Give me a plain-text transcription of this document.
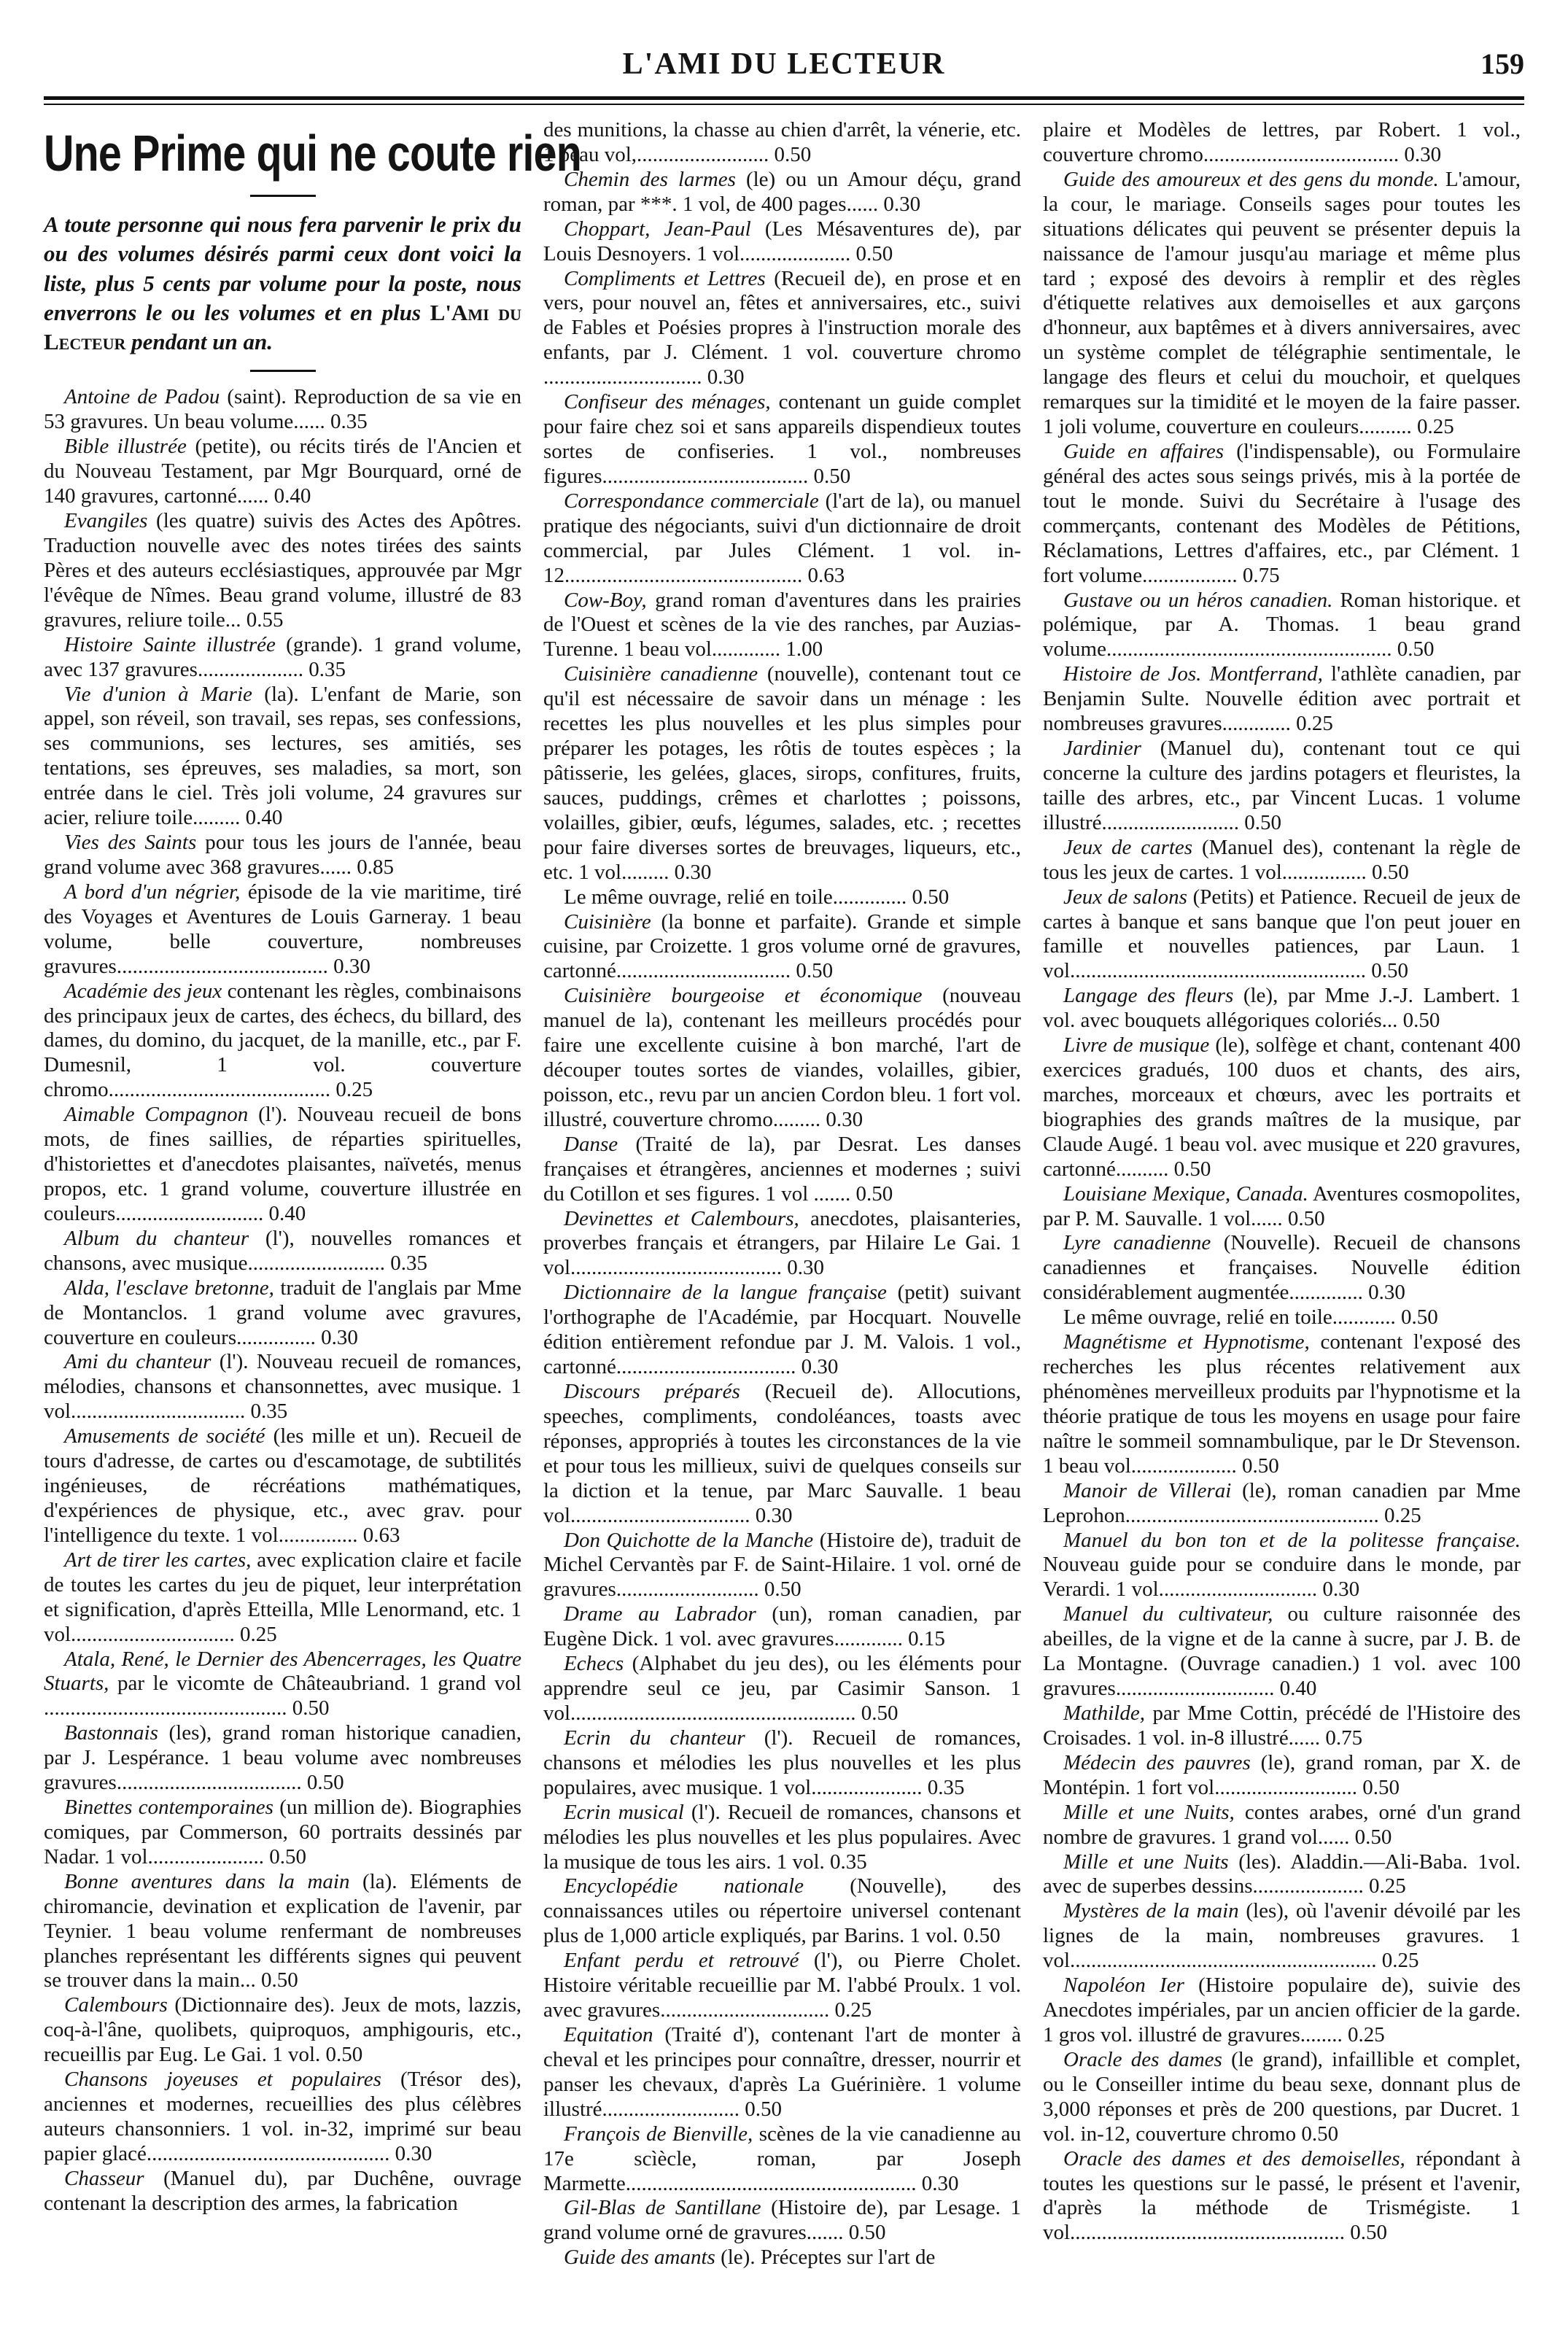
L'AMI DU LECTEUR	159
Une Prime qui ne coute rien

A toute personne qui nous fera parvenir le prix du ou des volumes désirés parmi ceux dont voici la liste, plus 5 cents par volume pour la poste, nous enverrons le ou les volumes et en plus L'Ami du Lecteur pendant un an.

Antoine de Padou (saint). Reproduction de sa vie en 53 gravures. Un beau volume...... 0.35

Bible illustrée (petite), ou récits tirés de l'Ancien et du Nouveau Testament, par Mgr Bourquard, orné de 140 gravures, cartonné...... 0.40

Evangiles (les quatre) suivis des Actes des Apôtres. Traduction nouvelle avec des notes tirées des saints Pères et des auteurs ecclésiastiques, approuvée par Mgr l'évêque de Nîmes. Beau grand volume, illustré de 83 gravures, reliure toile... 0.55

Histoire Sainte illustrée (grande). 1 grand volume, avec 137 gravures.................... 0.35

Vie d'union à Marie (la). L'enfant de Marie, son appel, son réveil, son travail, ses repas, ses confessions, ses communions, ses lectures, ses amitiés, ses tentations, ses épreuves, ses maladies, sa mort, son entrée dans le ciel. Très joli volume, 24 gravures sur acier, reliure toile......... 0.40

Vies des Saints pour tous les jours de l'année, beau grand volume avec 368 gravures...... 0.85

A bord d'un négrier, épisode de la vie maritime, tiré des Voyages et Aventures de Louis Garneray. 1 beau volume, belle couverture, nombreuses gravures........................................ 0.30

Académie des jeux contenant les règles, combinaisons des principaux jeux de cartes, des échecs, du billard, des dames, du domino, du jacquet, de la manille, etc., par F. Dumesnil, 1 vol. couverture chromo.......................................... 0.25

Aimable Compagnon (l'). Nouveau recueil de bons mots, de fines saillies, de réparties spirituelles, d'historiettes et d'anecdotes plaisantes, naïvetés, menus propos, etc. 1 grand volume, couverture illustrée en couleurs............................ 0.40

Album du chanteur (l'), nouvelles romances et chansons, avec musique.......................... 0.35

Alda, l'esclave bretonne, traduit de l'anglais par Mme de Montanclos. 1 grand volume avec gravures, couverture en couleurs............... 0.30

Ami du chanteur (l'). Nouveau recueil de romances, mélodies, chansons et chansonnettes, avec musique. 1 vol................................. 0.35

Amusements de société (les mille et un). Recueil de tours d'adresse, de cartes ou d'escamotage, de subtilités ingénieuses, de récréations mathématiques, d'expériences de physique, etc., avec grav. pour l'intelligence du texte. 1 vol............... 0.63

Art de tirer les cartes, avec explication claire et facile de toutes les cartes du jeu de piquet, leur interprétation et signification, d'après Etteilla, Mlle Lenormand, etc. 1 vol............................... 0.25

Atala, René, le Dernier des Abencerrages, les Quatre Stuarts, par le vicomte de Châteaubriand. 1 grand vol .............................................. 0.50

Bastonnais (les), grand roman historique canadien, par J. Lespérance. 1 beau volume avec nombreuses gravures................................... 0.50

Binettes contemporaines (un million de). Biographies comiques, par Commerson, 60 portraits dessinés par Nadar. 1 vol...................... 0.50

Bonne aventures dans la main (la). Eléments de chiromancie, devination et explication de l'avenir, par Teynier. 1 beau volume renfermant de nombreuses planches représentant les différents signes qui peuvent se trouver dans la main... 0.50

Calembours (Dictionnaire des). Jeux de mots, lazzis, coq-à-l'âne, quolibets, quiproquos, amphigouris, etc., recueillis par Eug. Le Gai. 1 vol. 0.50

Chansons joyeuses et populaires (Trésor des), anciennes et modernes, recueillies des plus célèbres auteurs chansonniers. 1 vol. in-32, imprimé sur beau papier glacé.............................................. 0.30

Chasseur (Manuel du), par Duchêne, ouvrage contenant la description des armes, la fabrication

des munitions, la chasse au chien d'arrêt, la vénerie, etc. 1 beau vol,......................... 0.50

Chemin des larmes (le) ou un Amour déçu, grand roman, par ***. 1 vol, de 400 pages...... 0.30

Choppart, Jean-Paul (Les Mésaventures de), par Louis Desnoyers. 1 vol..................... 0.50

Compliments et Lettres (Recueil de), en prose et en vers, pour nouvel an, fêtes et anniversaires, etc., suivi de Fables et Poésies propres à l'instruction morale des enfants, par J. Clément. 1 vol. couverture chromo .............................. 0.30

Confiseur des ménages, contenant un guide complet pour faire chez soi et sans appareils dispendieux toutes sortes de confiseries. 1 vol., nombreuses figures....................................... 0.50

Correspondance commerciale (l'art de la), ou manuel pratique des négociants, suivi d'un dictionnaire de droit commercial, par Jules Clément. 1 vol. in-12............................................. 0.63

Cow-Boy, grand roman d'aventures dans les prairies de l'Ouest et scènes de la vie des ranches, par Auzias-Turenne. 1 beau vol............. 1.00

Cuisinière canadienne (nouvelle), contenant tout ce qu'il est nécessaire de savoir dans un ménage : les recettes les plus nouvelles et les plus simples pour préparer les potages, les rôtis de toutes espèces ; la pâtisserie, les gelées, glaces, sirops, confitures, fruits, sauces, puddings, crêmes et charlottes ; poissons, volailles, gibier, œufs, légumes, salades, etc. ; recettes pour faire diverses sortes de breuvages, liqueurs, etc., etc. 1 vol......... 0.30

Le même ouvrage, relié en toile.............. 0.50

Cuisinière (la bonne et parfaite). Grande et simple cuisine, par Croizette. 1 gros volume orné de gravures, cartonné................................. 0.50

Cuisinière bourgeoise et économique (nouveau manuel de la), contenant les meilleurs procédés pour faire une excellente cuisine à bon marché, l'art de découper toutes sortes de viandes, volailles, gibier, poisson, etc., revu par un ancien Cordon bleu. 1 fort vol. illustré, couverture chromo......... 0.30

Danse (Traité de la), par Desrat. Les danses françaises et étrangères, anciennes et modernes ; suivi du Cotillon et ses figures. 1 vol ....... 0.50

Devinettes et Calembours, anecdotes, plaisanteries, proverbes français et étrangers, par Hilaire Le Gai. 1 vol........................................ 0.30

Dictionnaire de la langue française (petit) suivant l'orthographe de l'Académie, par Hocquart. Nouvelle édition entièrement refondue par J. M. Valois. 1 vol., cartonné.................................. 0.30

Discours préparés (Recueil de). Allocutions, speeches, compliments, condoléances, toasts avec réponses, appropriés à toutes les circonstances de la vie et pour tous les millieux, suivi de quelques conseils sur la diction et la tenue, par Marc Sauvalle. 1 beau vol.................................. 0.30

Don Quichotte de la Manche (Histoire de), traduit de Michel Cervantès par F. de Saint-Hilaire. 1 vol. orné de gravures........................... 0.50

Drame au Labrador (un), roman canadien, par Eugène Dick. 1 vol. avec gravures............. 0.15

Echecs (Alphabet du jeu des), ou les éléments pour apprendre seul ce jeu, par Casimir Sanson. 1 vol...................................................... 0.50

Ecrin du chanteur (l'). Recueil de romances, chansons et mélodies les plus nouvelles et les plus populaires, avec musique. 1 vol..................... 0.35

Ecrin musical (l'). Recueil de romances, chansons et mélodies les plus nouvelles et les plus populaires. Avec la musique de tous les airs. 1 vol. 0.35

Encyclopédie nationale (Nouvelle), des connaissances utiles ou répertoire universel contenant plus de 1,000 article expliqués, par Barins. 1 vol. 0.50

Enfant perdu et retrouvé (l'), ou Pierre Cholet. Histoire véritable recueillie par M. l'abbé Proulx. 1 vol. avec gravures................................ 0.25

Equitation (Traité d'), contenant l'art de monter à cheval et les principes pour connaître, dresser, nourrir et panser les chevaux, d'après La Guérinière. 1 volume illustré.......................... 0.50

François de Bienville, scènes de la vie canadienne au 17e scìècle, roman, par Joseph Marmette....................................................... 0.30

Gil-Blas de Santillane (Histoire de), par Lesage. 1 grand volume orné de gravures....... 0.50

Guide des amants (le). Préceptes sur l'art de

plaire et Modèles de lettres, par Robert. 1 vol., couverture chromo..................................... 0.30

Guide des amoureux et des gens du monde. L'amour, la cour, le mariage. Conseils sages pour toutes les situations délicates qui peuvent se présenter depuis la naissance de l'amour jusqu'au mariage et même plus tard ; exposé des devoirs à remplir et des règles d'étiquette relatives aux demoiselles et aux garçons d'honneur, aux baptêmes et à divers anniversaires, avec un système complet de télégraphie sentimentale, le langage des fleurs et celui du mouchoir, et quelques remarques sur la timidité et le moyen de la faire passer. 1 joli volume, couverture en couleurs.......... 0.25

Guide en affaires (l'indispensable), ou Formulaire général des actes sous seings privés, mis à la portée de tout le monde. Suivi du Secrétaire à l'usage des commerçants, contenant des Modèles de Pétitions, Réclamations, Lettres d'affaires, etc., par Clément. 1 fort volume.................. 0.75

Gustave ou un héros canadien. Roman historique. et polémique, par A. Thomas. 1 beau grand volume...................................................... 0.50

Histoire de Jos. Montferrand, l'athlète canadien, par Benjamin Sulte. Nouvelle édition avec portrait et nombreuses gravures............. 0.25

Jardinier (Manuel du), contenant tout ce qui concerne la culture des jardins potagers et fleuristes, la taille des arbres, etc., par Vincent Lucas. 1 volume illustré.......................... 0.50

Jeux de cartes (Manuel des), contenant la règle de tous les jeux de cartes. 1 vol................ 0.50

Jeux de salons (Petits) et Patience. Recueil de jeux de cartes à banque et sans banque que l'on peut jouer en famille et nouvelles patiences, par Laun. 1 vol........................................................ 0.50

Langage des fleurs (le), par Mme J.-J. Lambert. 1 vol. avec bouquets allégoriques coloriés... 0.50

Livre de musique (le), solfège et chant, contenant 400 exercices gradués, 100 duos et chants, des airs, marches, morceaux et chœurs, avec les portraits et biographies des grands maîtres de la musique, par Claude Augé. 1 beau vol. avec musique et 220 gravures, cartonné.......... 0.50

Louisiane Mexique, Canada. Aventures cosmopolites, par P. M. Sauvalle. 1 vol...... 0.50

Lyre canadienne (Nouvelle). Recueil de chansons canadiennes et françaises. Nouvelle édition considérablement augmentée.............. 0.30

Le même ouvrage, relié en toile............ 0.50

Magnétisme et Hypnotisme, contenant l'exposé des recherches les plus récentes relativement aux phénomènes merveilleux produits par l'hypnotisme et la théorie pratique de tous les moyens en usage pour faire naître le sommeil somnambulique, par le Dr Stevenson. 1 beau vol.................... 0.50

Manoir de Villerai (le), roman canadien par Mme Leprohon................................................ 0.25

Manuel du bon ton et de la politesse française. Nouveau guide pour se conduire dans le monde, par Verardi. 1 vol.............................. 0.30

Manuel du cultivateur, ou culture raisonnée des abeilles, de la vigne et de la canne à sucre, par J. B. de La Montagne. (Ouvrage canadien.) 1 vol. avec 100 gravures.............................. 0.40

Mathilde, par Mme Cottin, précédé de l'Histoire des Croisades. 1 vol. in-8 illustré...... 0.75

Médecin des pauvres (le), grand roman, par X. de Montépin. 1 fort vol........................... 0.50

Mille et une Nuits, contes arabes, orné d'un grand nombre de gravures. 1 grand vol...... 0.50

Mille et une Nuits (les). Aladdin.—Ali-Baba. 1vol. avec de superbes dessins..................... 0.25

Mystères de la main (les), où l'avenir dévoilé par les lignes de la main, nombreuses gravures. 1 vol.......................................................... 0.25

Napoléon Ier (Histoire populaire de), suivie des Anecdotes impériales, par un ancien officier de la garde. 1 gros vol. illustré de gravures........ 0.25

Oracle des dames (le grand), infaillible et complet, ou le Conseiller intime du beau sexe, donnant plus de 3,000 réponses et près de 200 questions, par Ducret. 1 vol. in-12, couverture chromo 0.50

Oracle des dames et des demoiselles, répondant à toutes les questions sur le passé, le présent et l'avenir, d'après la méthode de Trismégiste. 1 vol.................................................... 0.50
